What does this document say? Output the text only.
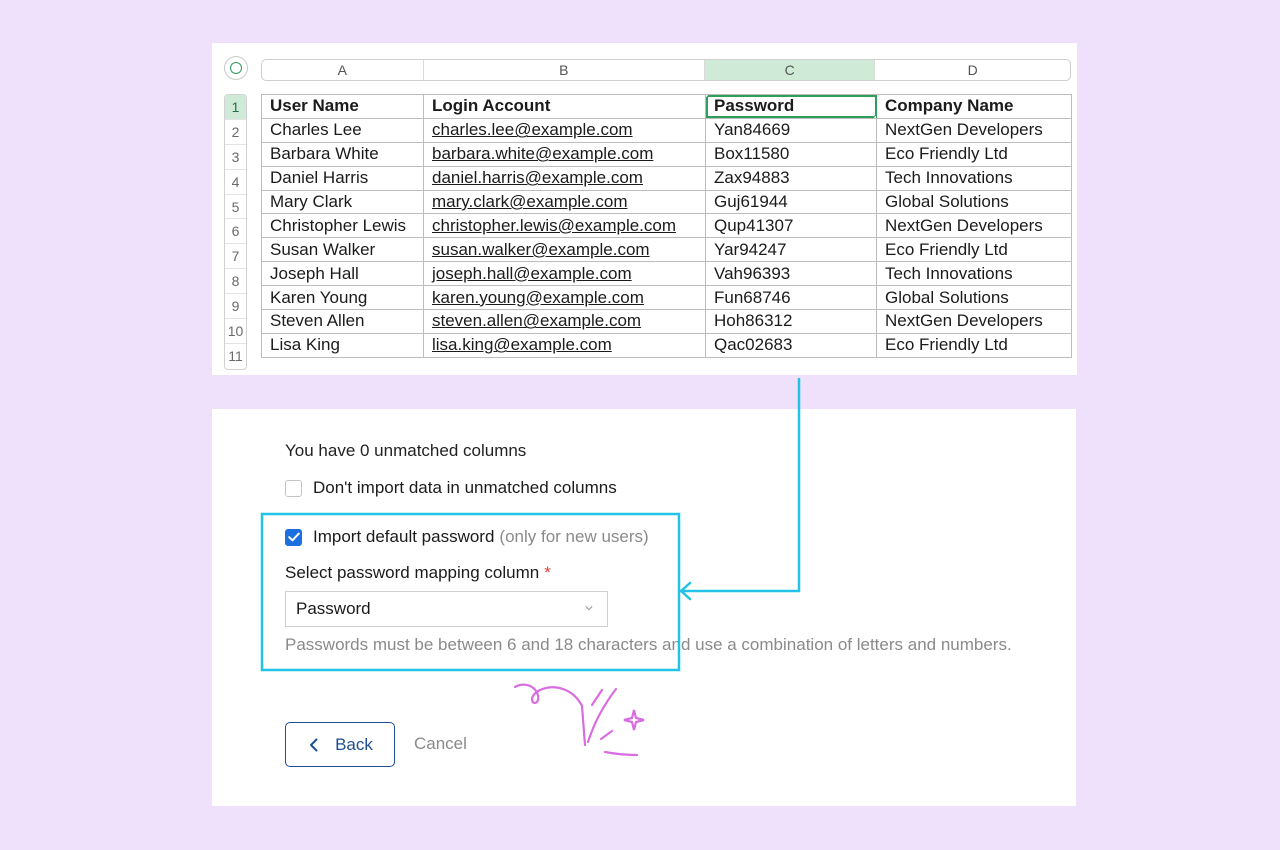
A	B	C	D
1
2
3
4
5
6
7
8
9
10
11
User Name	Login Account	Password	Company Name
Charles Lee	charles.lee@example.com	Yan84669	NextGen Developers
Barbara White	barbara.white@example.com	Box11580	Eco Friendly Ltd
Daniel Harris	daniel.harris@example.com	Zax94883	Tech Innovations
Mary Clark	mary.clark@example.com	Guj61944	Global Solutions
Christopher Lewis	christopher.lewis@example.com	Qup41307	NextGen Developers
Susan Walker	susan.walker@example.com	Yar94247	Eco Friendly Ltd
Joseph Hall	joseph.hall@example.com	Vah96393	Tech Innovations
Karen Young	karen.young@example.com	Fun68746	Global Solutions
Steven Allen	steven.allen@example.com	Hoh86312	NextGen Developers
Lisa King	lisa.king@example.com	Qac02683	Eco Friendly Ltd
You have 0 unmatched columns
Don't import data in unmatched columns
Import default password (only for new users)
Select password mapping column *
Password
Passwords must be between 6 and 18 characters and use a combination of letters and numbers.
Back Cancel
